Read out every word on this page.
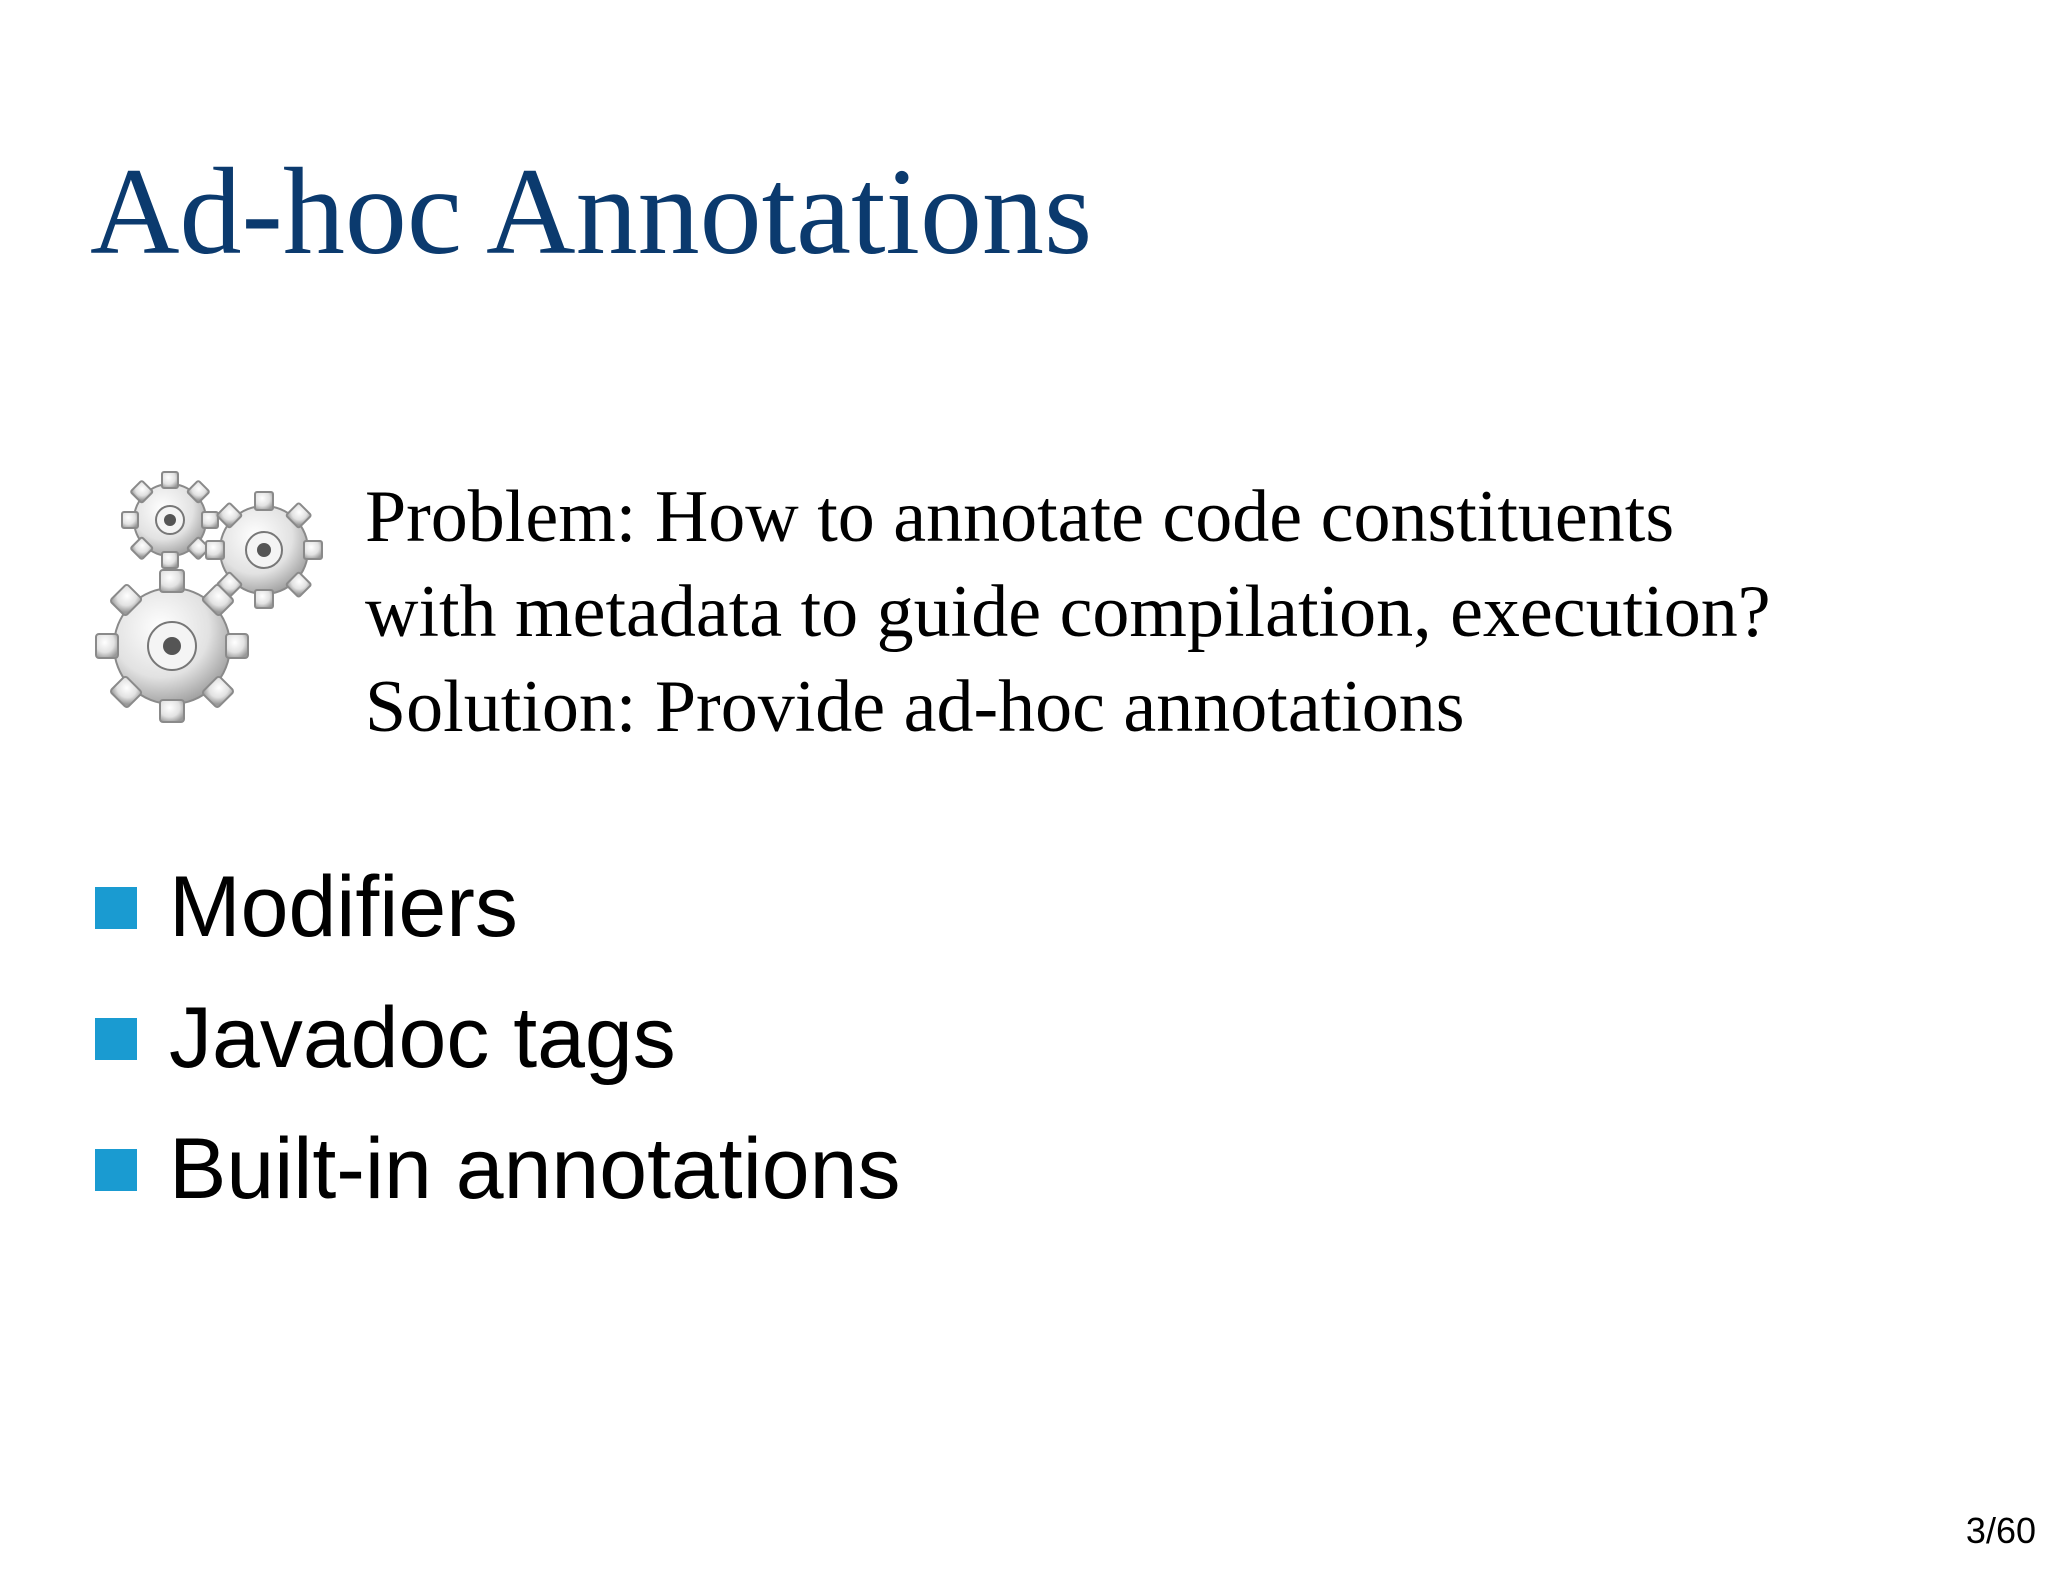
Ad-hoc Annotations
Problem: How to annotate code constituents
with metadata to guide compilation, execution?
Solution: Provide ad-hoc annotations
Modifiers
Javadoc tags
Built-in annotations
3/60
